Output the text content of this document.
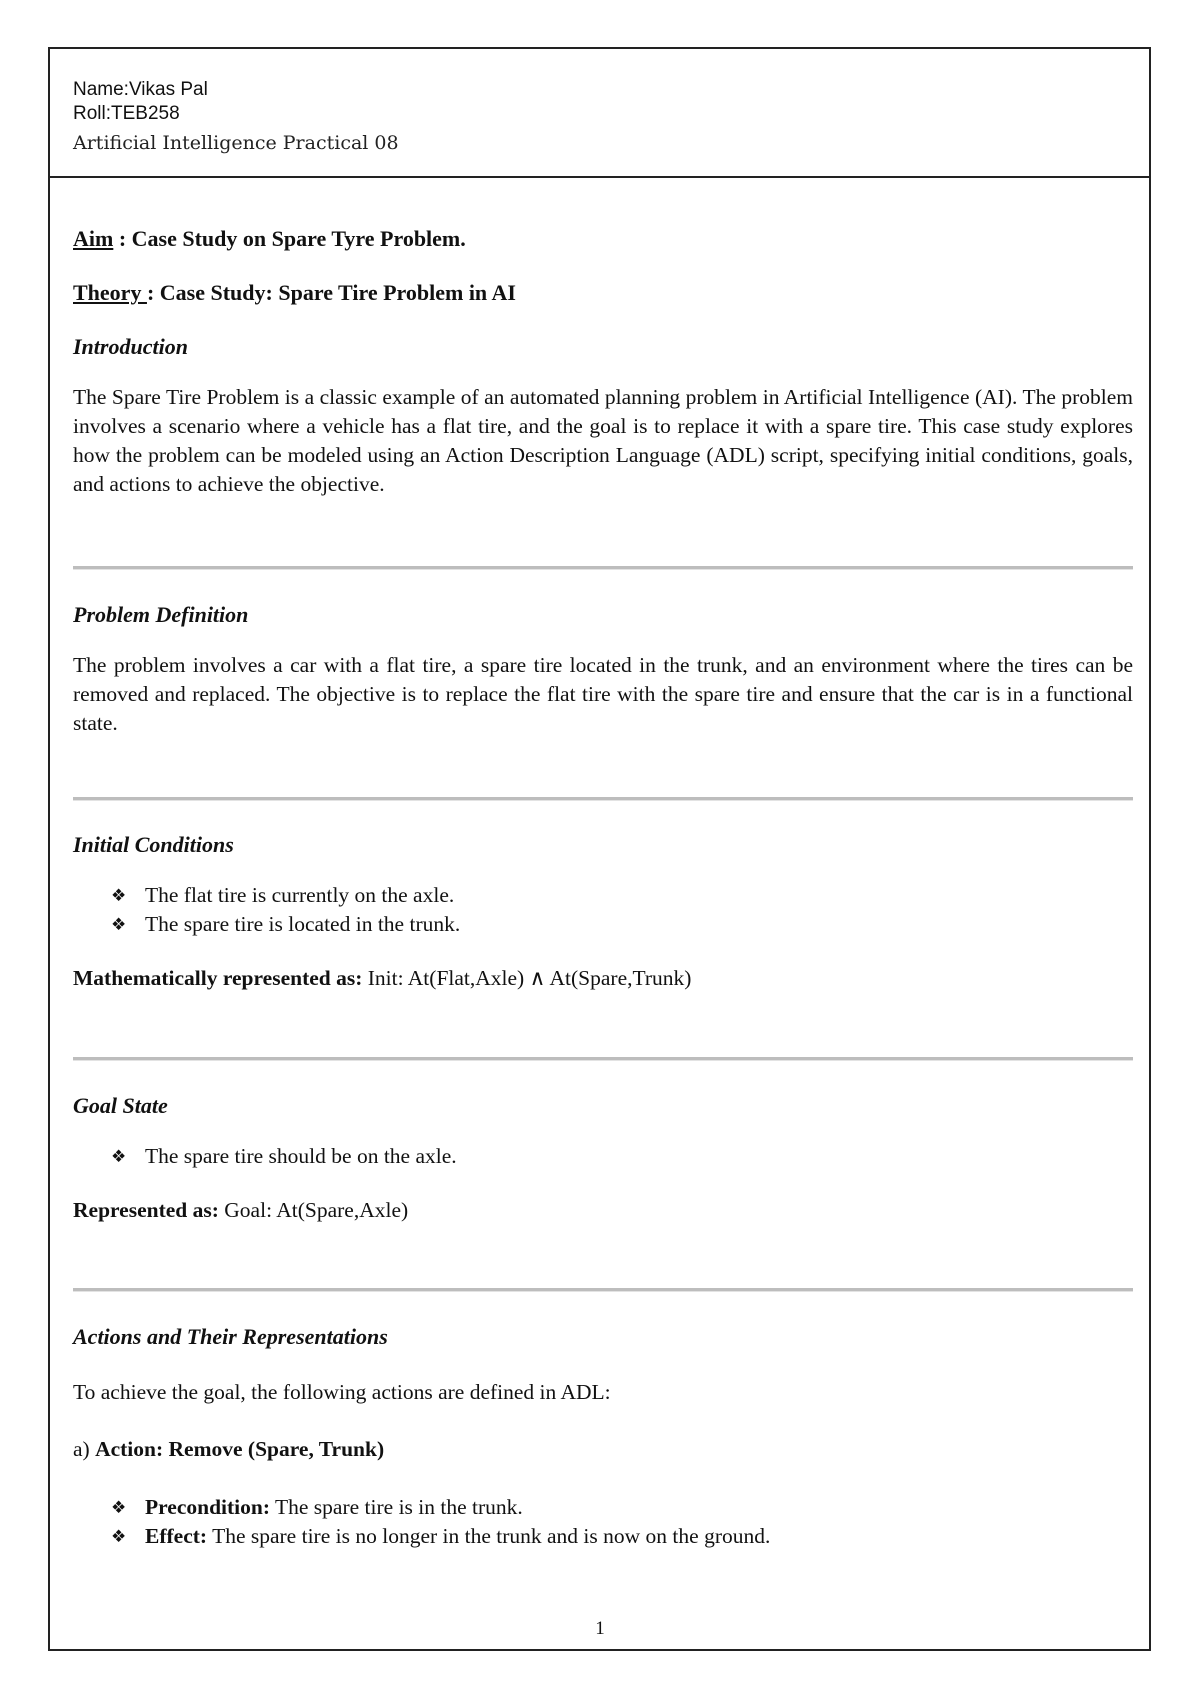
Name:Vikas Pal
Roll:TEB258
Artificial Intelligence Practical 08
Aim : Case Study on Spare Tyre Problem.
Theory : Case Study: Spare Tire Problem in AI
Introduction
The Spare Tire Problem is a classic example of an automated planning problem in Artificial Intelligence (AI). The problem involves a scenario where a vehicle has a flat tire, and the goal is to replace it with a spare tire. This case study explores how the problem can be modeled using an Action Description Language (ADL) script, specifying initial conditions, goals, and actions to achieve the objective.
Problem Definition
The problem involves a car with a flat tire, a spare tire located in the trunk, and an environment where the tires can be removed and replaced. The objective is to replace the flat tire with the spare tire and ensure that the car is in a functional state.
Initial Conditions
❖ The flat tire is currently on the axle.
❖ The spare tire is located in the trunk.
Mathematically represented as: Init: At(Flat,Axle) ∧ At(Spare,Trunk)
Goal State
❖ The spare tire should be on the axle.
Represented as: Goal: At(Spare,Axle)
Actions and Their Representations
To achieve the goal, the following actions are defined in ADL:
a) Action: Remove (Spare, Trunk)
❖ Precondition: The spare tire is in the trunk.
❖ Effect: The spare tire is no longer in the trunk and is now on the ground.
1
